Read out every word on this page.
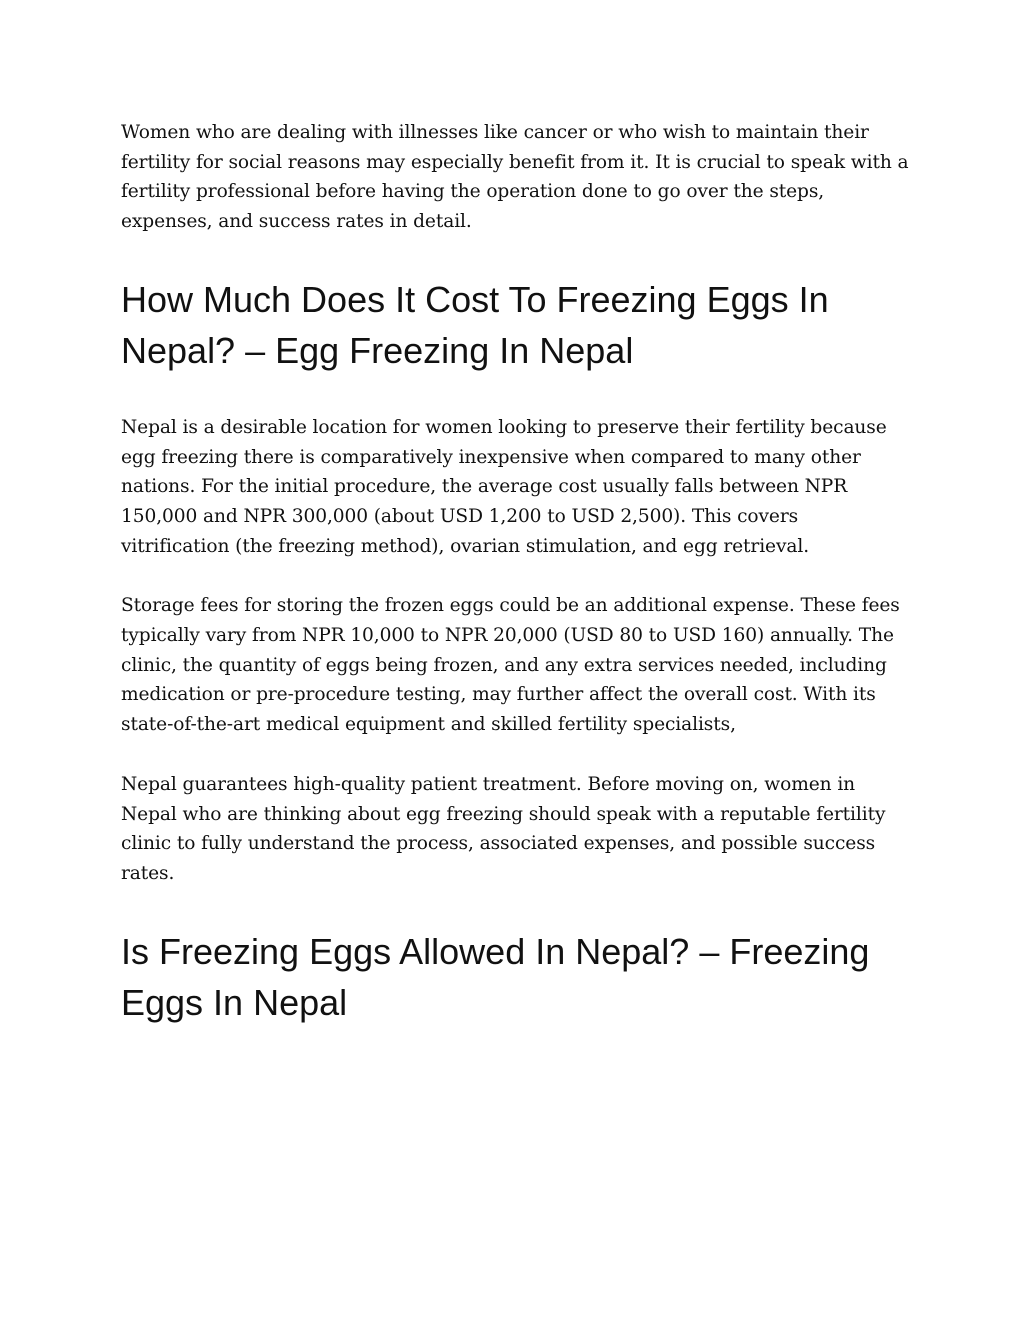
Women who are dealing with illnesses like cancer or who wish to maintain their fertility for social reasons may especially benefit from it. It is crucial to speak with a fertility professional before having the operation done to go over the steps, expenses, and success rates in detail.

How Much Does It Cost To Freezing Eggs In Nepal? – Egg Freezing In Nepal

Nepal is a desirable location for women looking to preserve their fertility because egg freezing there is comparatively inexpensive when compared to many other nations. For the initial procedure, the average cost usually falls between NPR 150,000 and NPR 300,000 (about USD 1,200 to USD 2,500). This covers vitrification (the freezing method), ovarian stimulation, and egg retrieval.

Storage fees for storing the frozen eggs could be an additional expense. These fees typically vary from NPR 10,000 to NPR 20,000 (USD 80 to USD 160) annually. The clinic, the quantity of eggs being frozen, and any extra services needed, including medication or pre-procedure testing, may further affect the overall cost. With its state-of-the-art medical equipment and skilled fertility specialists,

Nepal guarantees high-quality patient treatment. Before moving on, women in Nepal who are thinking about egg freezing should speak with a reputable fertility clinic to fully understand the process, associated expenses, and possible success rates.

Is Freezing Eggs Allowed In Nepal? – Freezing Eggs In Nepal
